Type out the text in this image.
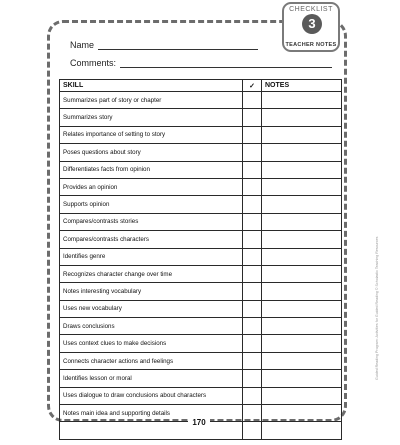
CHECKLIST
3
TEACHER NOTES
Name
Comments:
SKILL	✓	NOTES
Summarizes part of story or chapter		
Summarizes story		
Relates importance of setting to story		
Poses questions about story		
Differentiates facts from opinion		
Provides an opinion		
Supports opinion		
Compares/contrasts stories		
Compares/contrasts characters		
Identifies genre		
Recognizes character change over time		
Notes interesting vocabulary		
Uses new vocabulary		
Draws conclusions		
Uses context clues to make decisions		
Connects character actions and feelings		
Identifies lesson or moral		
Uses dialogue to draw conclusions about characters		
Notes main idea and supporting details		

170
Guided Reading Program: Activities for Guided Reading © Scholastic Teaching Resources
